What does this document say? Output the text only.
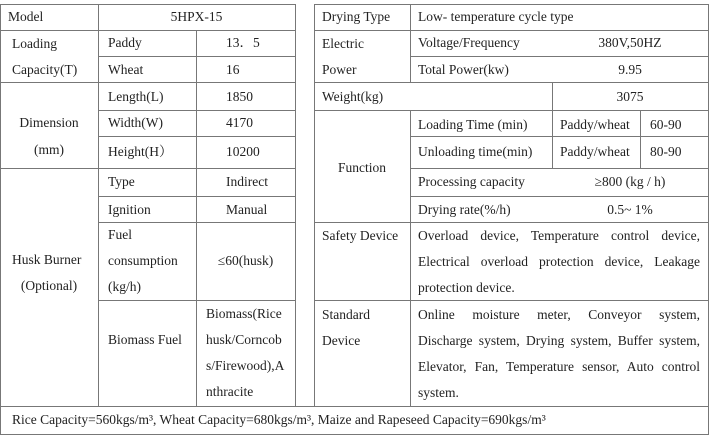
Model	5HPX-15
Loading
Capacity(T)
Paddy	13．5
Wheat	16
Dimension
(mm)
Length(L)	1850
Width(W)	4170
Height(H）	10200
Husk Burner
(Optional)
Type	Indirect
Ignition	Manual
Fuel
consumption
(kg/h)
≤60(husk)
Biomass Fuel
Biomass(Rice
husk/Corncob
s/Firewood),A
nthracite
Drying Type Low- temperature cycle type
Electric
Power
Voltage/Frequency	380V,50HZ
Total Power(kw)	9.95
Weight(kg)	3075
Function
Loading Time (min) Paddy/wheat 60-90
Unloading time(min) Paddy/wheat 80-90
Processing capacity	≥800 (kg / h)
Drying rate(%/h)	0.5~ 1%
Safety Device Overload device, Temperature control device,
Electrical overload protection device, Leakage
protection device.
Standard
Device
Online moisture meter, Conveyor system,
Discharge system, Drying system, Buffer system,
Elevator, Fan, Temperature sensor, Auto control
system.
Rice Capacity=560kgs/m³, Wheat Capacity=680kgs/m³, Maize and Rapeseed Capacity=690kgs/m³
